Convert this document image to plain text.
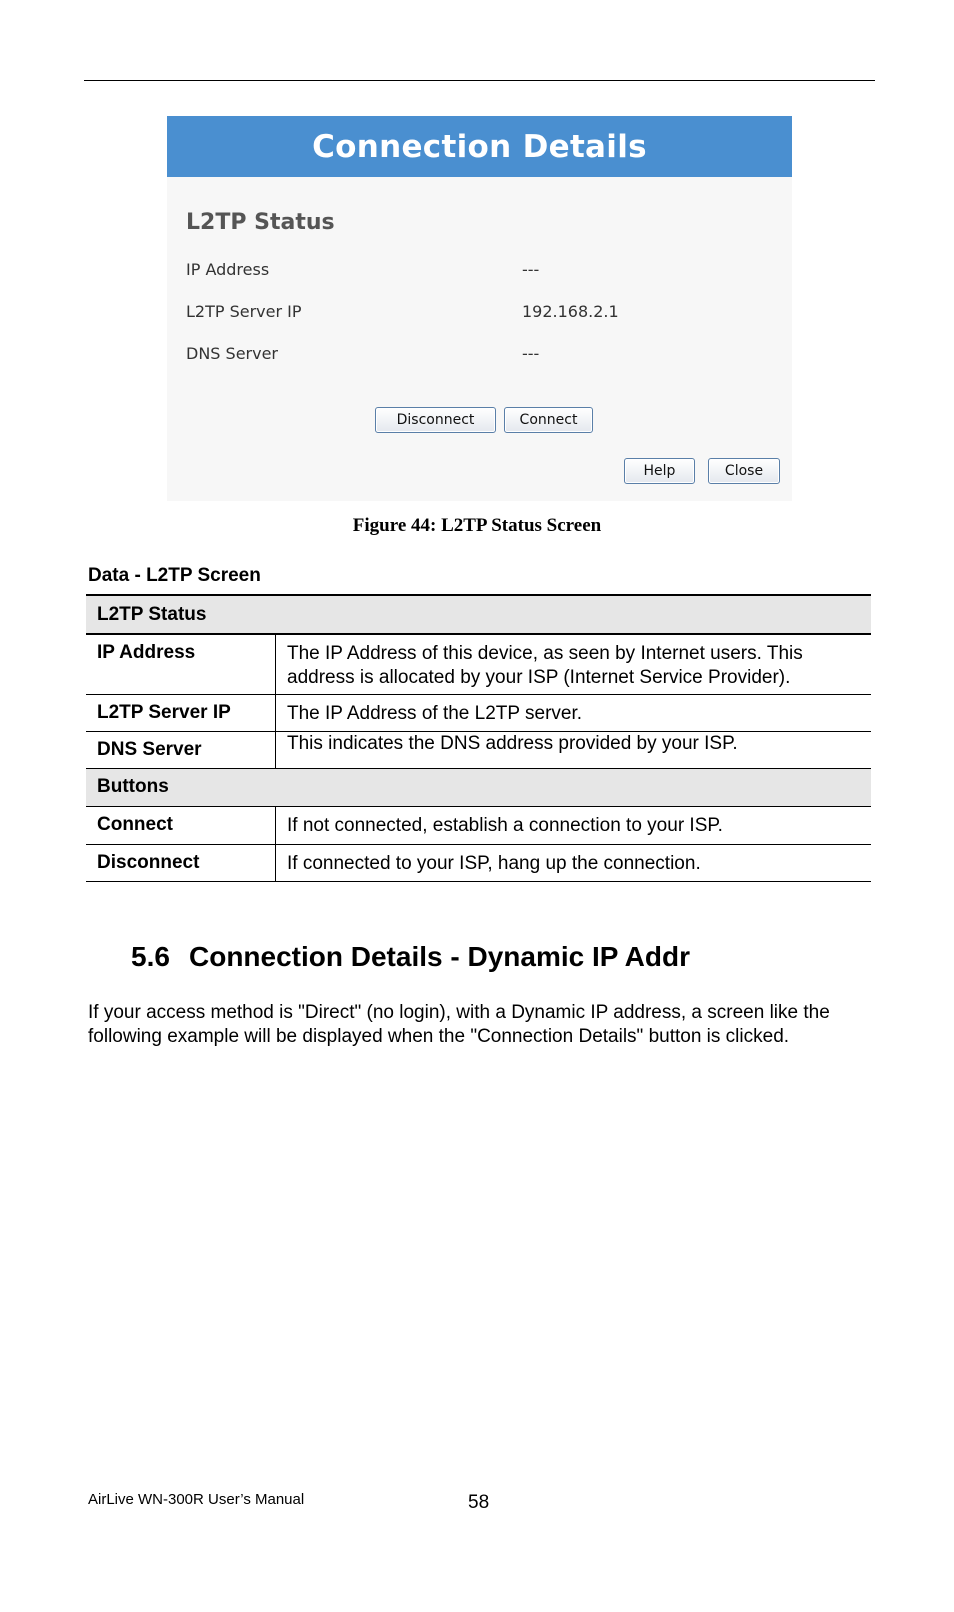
Connection Details
L2TP Status
IP Address	---
L2TP Server IP	192.168.2.1
DNS Server	---
Disconnect	Connect
Help	Close
Figure 44: L2TP Status Screen
Data - L2TP Screen
L2TP Status	
IP Address	The IP Address of this device, as seen by Internet users. This address is allocated by your ISP (Internet Service Provider).
L2TP Server IP	The IP Address of the L2TP server.
DNS Server	This indicates the DNS address provided by your ISP.
Buttons	
Connect	If not connected, establish a connection to your ISP.
Disconnect	If connected to your ISP, hang up the connection.
5.6 Connection Details - Dynamic IP Addr
If your access method is "Direct" (no login), with a Dynamic IP address, a screen like the following example will be displayed when the "Connection Details" button is clicked.
AirLive WN-300R User’s Manual	58
